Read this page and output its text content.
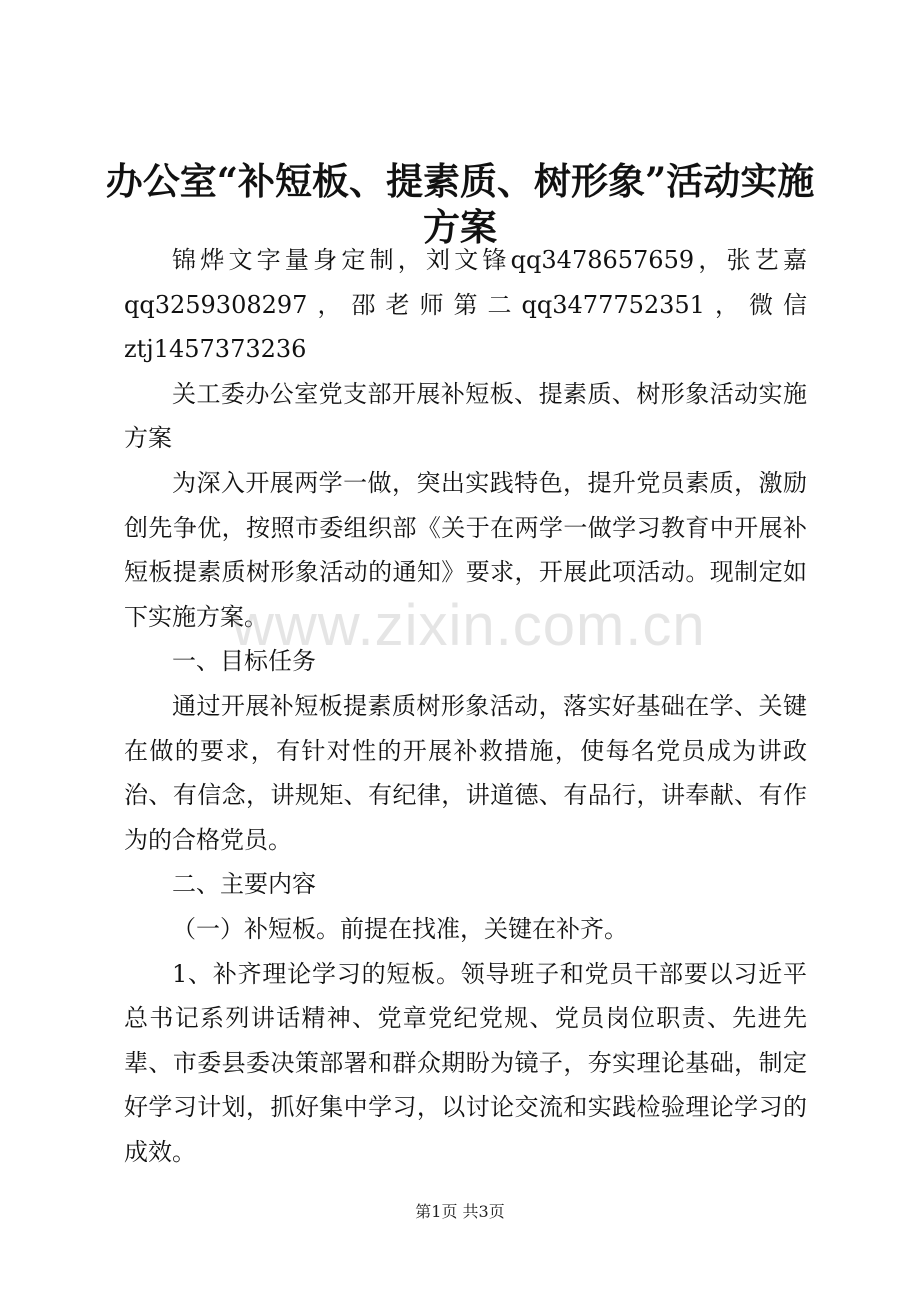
办公室“补短板、提素质、树形象”活动实施方案

锦烨文字量身定制，刘文锋qq3478657659，张艺嘉qq3259308297，邵老师第二qq3477752351，微信ztj1457373236

关工委办公室党支部开展补短板、提素质、树形象活动实施方案

为深入开展两学一做，突出实践特色，提升党员素质，激励创先争优，按照市委组织部《关于在两学一做学习教育中开展补短板提素质树形象活动的通知》要求，开展此项活动。现制定如下实施方案。

一、目标任务

通过开展补短板提素质树形象活动，落实好基础在学、关键在做的要求，有针对性的开展补救措施，使每名党员成为讲政治、有信念，讲规矩、有纪律，讲道德、有品行，讲奉献、有作为的合格党员。

二、主要内容

（一）补短板。前提在找准，关键在补齐。

1、补齐理论学习的短板。领导班子和党员干部要以习近平总书记系列讲话精神、党章党纪党规、党员岗位职责、先进先辈、市委县委决策部署和群众期盼为镜子，夯实理论基础，制定好学习计划，抓好集中学习，以讨论交流和实践检验理论学习的成效。

www.zixin.com.cn
第1页 共3页
